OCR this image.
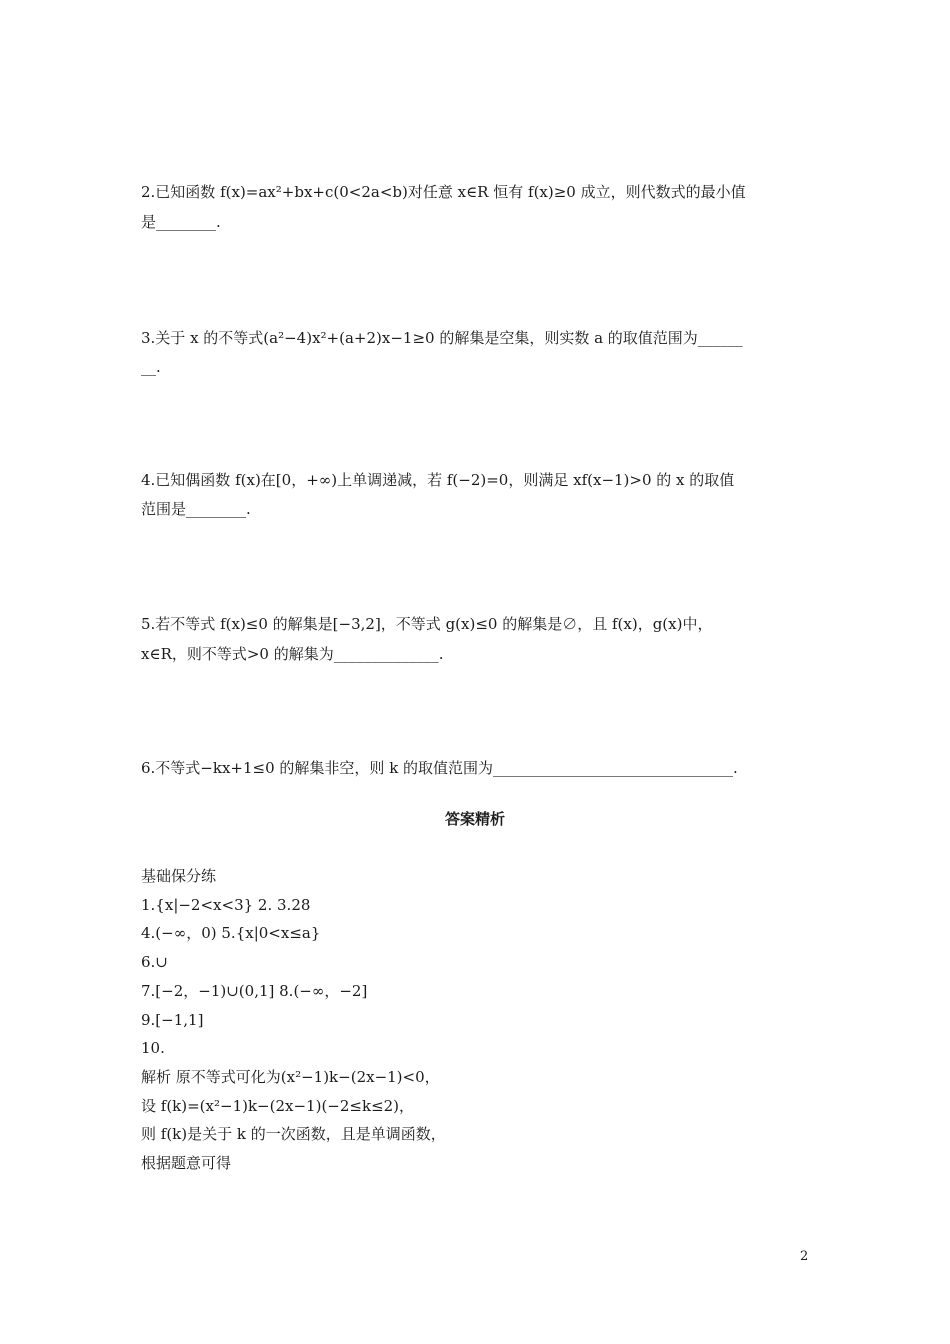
2.已知函数 f(x)=ax²+bx+c(0<2a<b)对任意 x∈R 恒有 f(x)≥0 成立，则代数式的最小值
是________.
3.关于 x 的不等式(a²−4)x²+(a+2)x−1≥0 的解集是空集，则实数 a 的取值范围为______
__.
4.已知偶函数 f(x)在[0，+∞)上单调递减，若 f(−2)=0，则满足 xf(x−1)>0 的 x 的取值
范围是________.
5.若不等式 f(x)≤0 的解集是[−3,2]，不等式 g(x)≤0 的解集是∅，且 f(x)，g(x)中，
x∈R，则不等式>0 的解集为______________.
6.不等式−kx+1≤0 的解集非空，则 k 的取值范围为________________________________.
答案精析
基础保分练
1.{x|−2<x<3} 2. 3.28
4.(−∞，0) 5.{x|0<x≤a}
6.∪
7.[−2，−1)∪(0,1] 8.(−∞，−2]
9.[−1,1]
10.
解析 原不等式可化为(x²−1)k−(2x−1)<0，
设 f(k)=(x²−1)k−(2x−1)(−2≤k≤2)，
则 f(k)是关于 k 的一次函数，且是单调函数，
根据题意可得
2
